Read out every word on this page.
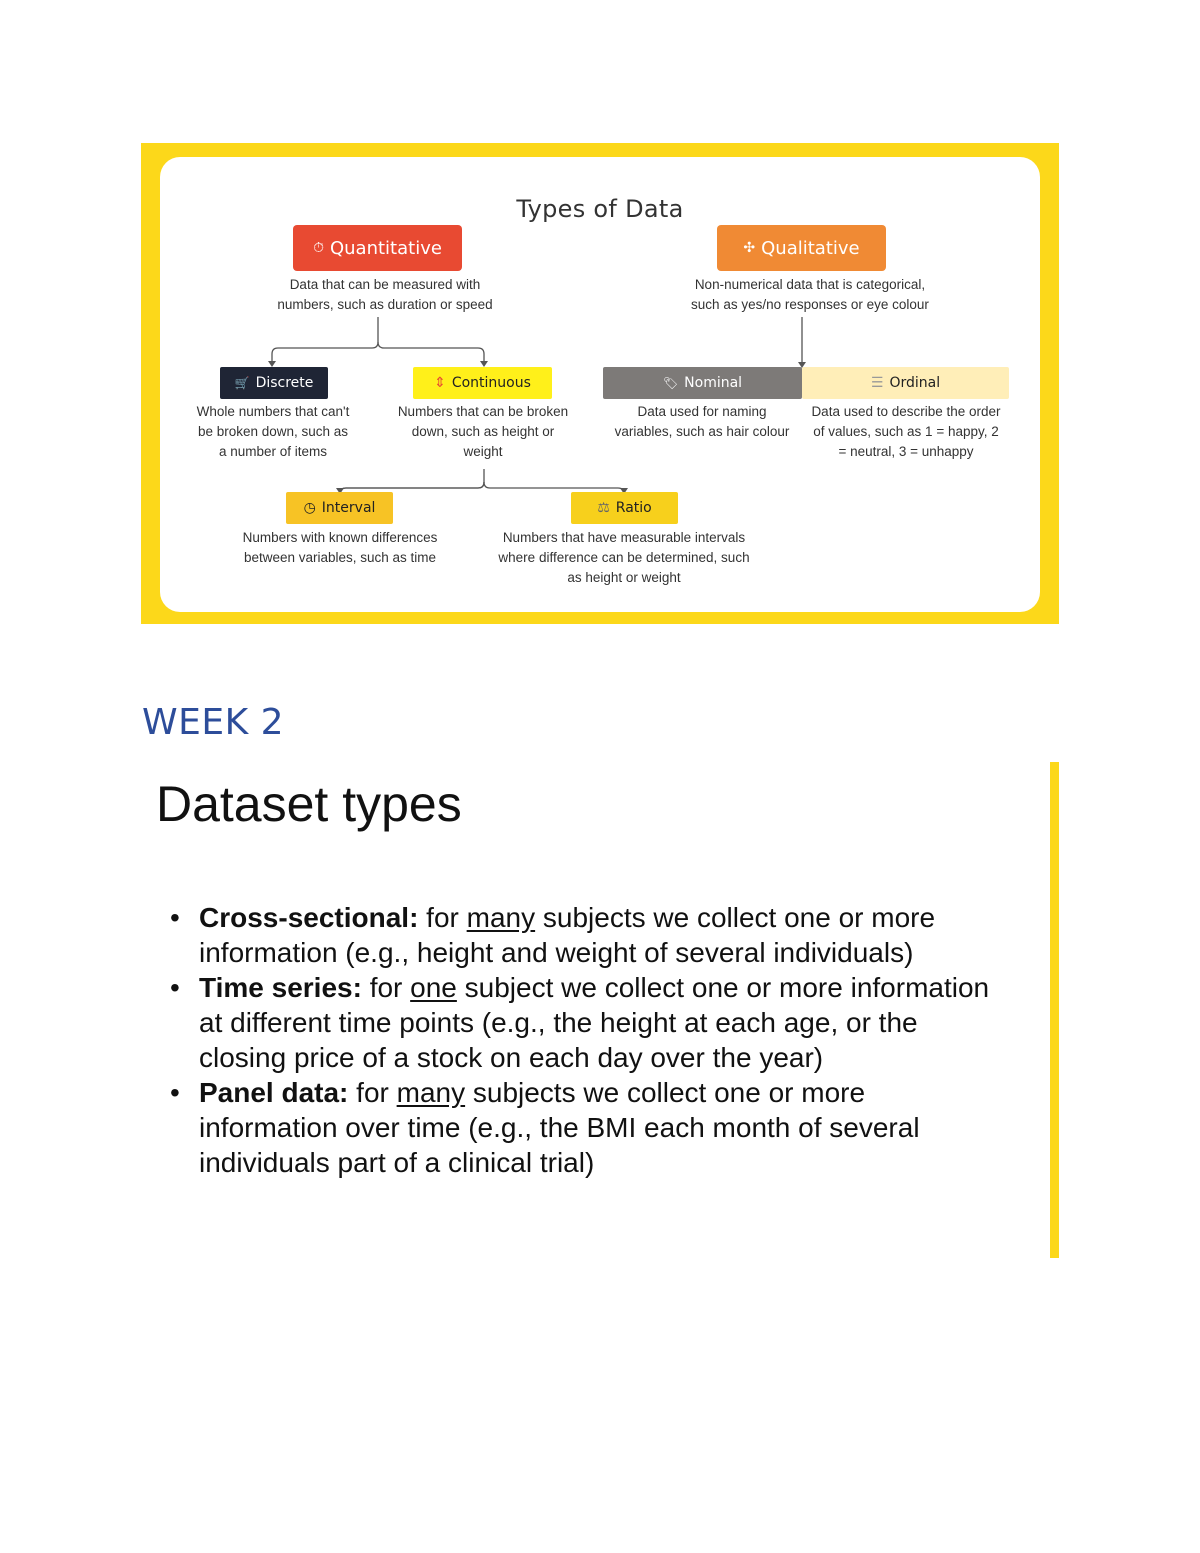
Types of Data
⏱ Quantitative
Data that can be measured with
numbers, such as duration or speed
✣ Qualitative
Non-numerical data that is categorical,
such as yes/no responses or eye colour
🛒 Discrete
Whole numbers that can't
be broken down, such as
a number of items
⇕ Continuous
Numbers that can be broken
down, such as height or
weight
🏷 Nominal
Data used for naming
variables, such as hair colour
☰ Ordinal
Data used to describe the order
of values, such as 1 = happy, 2
= neutral, 3 = unhappy
◷ Interval
Numbers with known differences
between variables, such as time
⚖ Ratio
Numbers that have measurable intervals
where difference can be determined, such
as height or weight
WEEK 2
Dataset types
• Cross-sectional: for many subjects we collect one or more
information (e.g., height and weight of several individuals)
• Time series: for one subject we collect one or more information
at different time points (e.g., the height at each age, or the
closing price of a stock on each day over the year)
• Panel data: for many subjects we collect one or more
information over time (e.g., the BMI each month of several
individuals part of a clinical trial)
